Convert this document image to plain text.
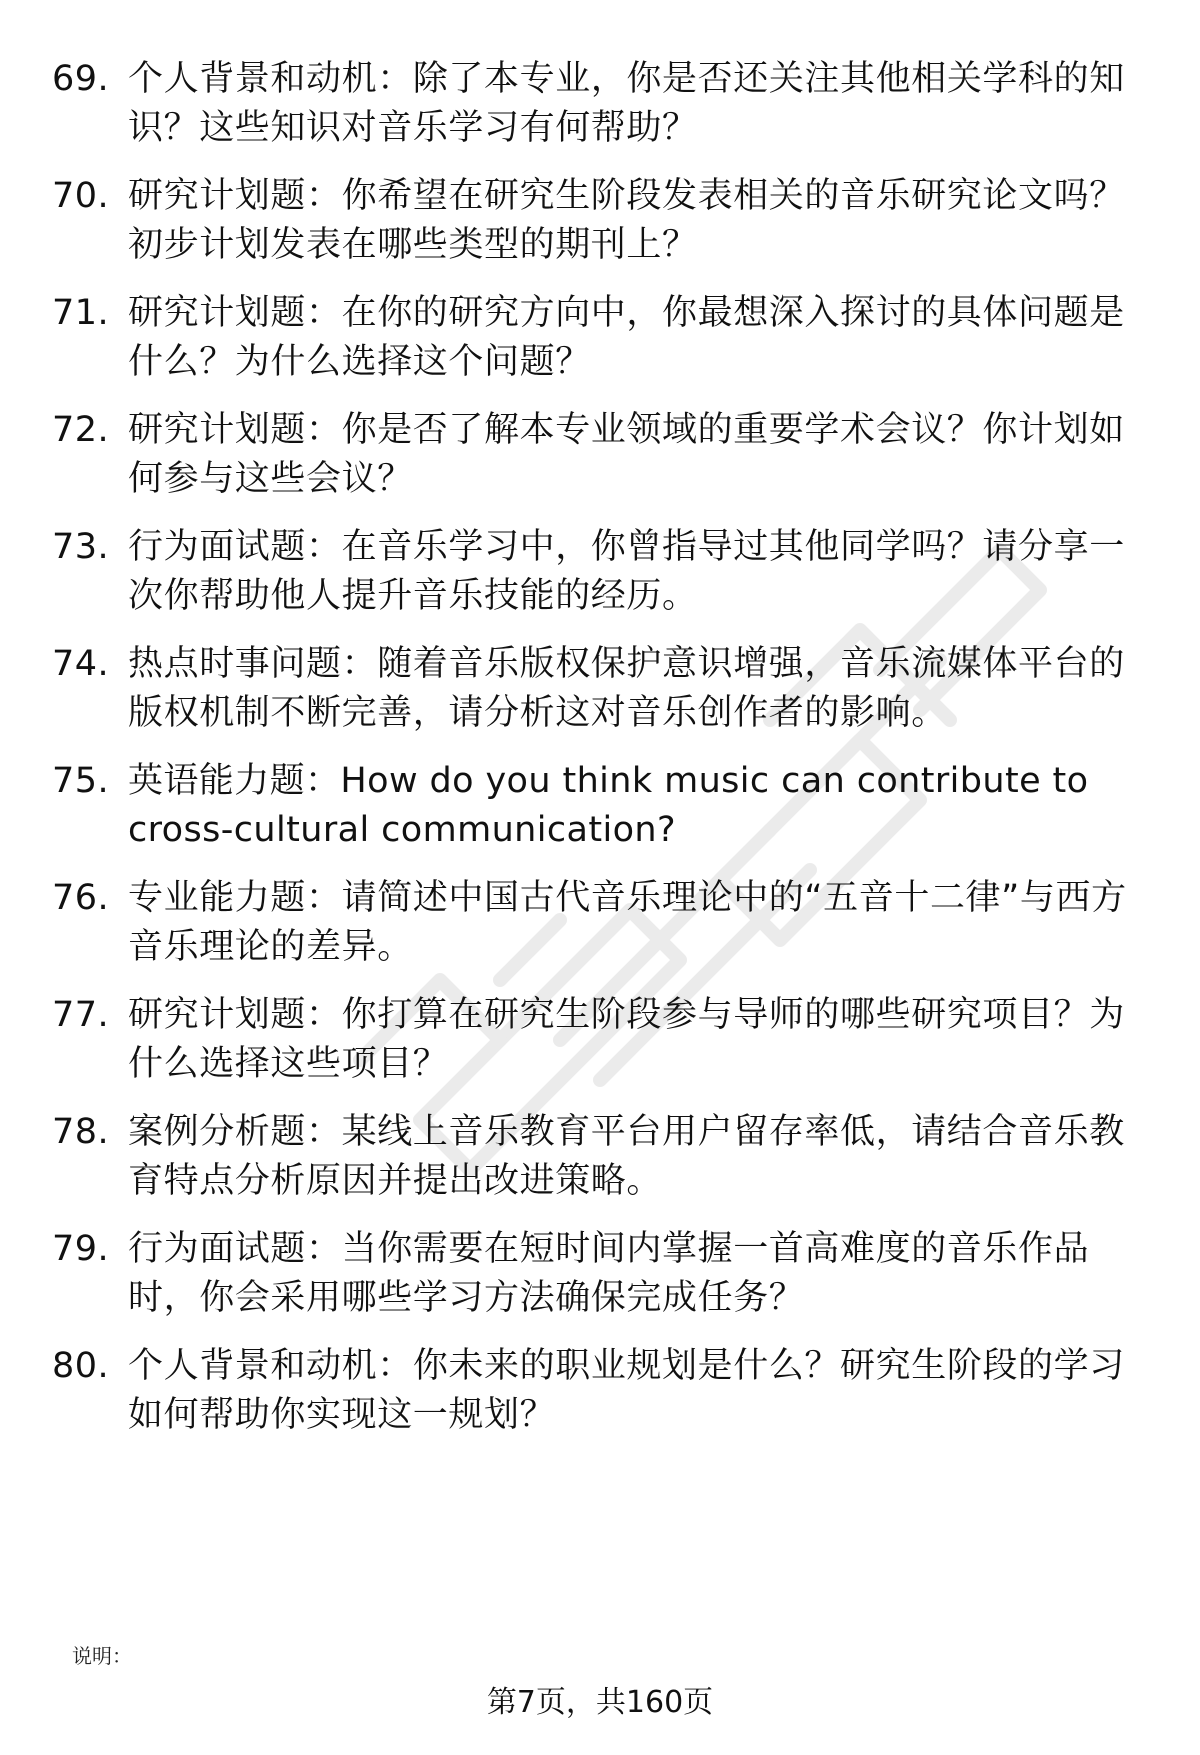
69. 个人背景和动机：除了本专业，你是否还关注其他相关学科的知识？这些知识对音乐学习有何帮助？
70. 研究计划题：你希望在研究生阶段发表相关的音乐研究论文吗？初步计划发表在哪些类型的期刊上？
71. 研究计划题：在你的研究方向中，你最想深入探讨的具体问题是什么？为什么选择这个问题？
72. 研究计划题：你是否了解本专业领域的重要学术会议？你计划如何参与这些会议？
73. 行为面试题：在音乐学习中，你曾指导过其他同学吗？请分享一次你帮助他人提升音乐技能的经历。
74. 热点时事问题：随着音乐版权保护意识增强，音乐流媒体平台的版权机制不断完善，请分析这对音乐创作者的影响。
75. 英语能力题：How do you think music can contribute to cross-cultural communication?
76. 专业能力题：请简述中国古代音乐理论中的“五音十二律”与西方音乐理论的差异。
77. 研究计划题：你打算在研究生阶段参与导师的哪些研究项目？为什么选择这些项目？
78. 案例分析题：某线上音乐教育平台用户留存率低，请结合音乐教育特点分析原因并提出改进策略。
79. 行为面试题：当你需要在短时间内掌握一首高难度的音乐作品时，你会采用哪些学习方法确保完成任务？
80. 个人背景和动机：你未来的职业规划是什么？研究生阶段的学习如何帮助你实现这一规划？
说明：
第7页，共160页
